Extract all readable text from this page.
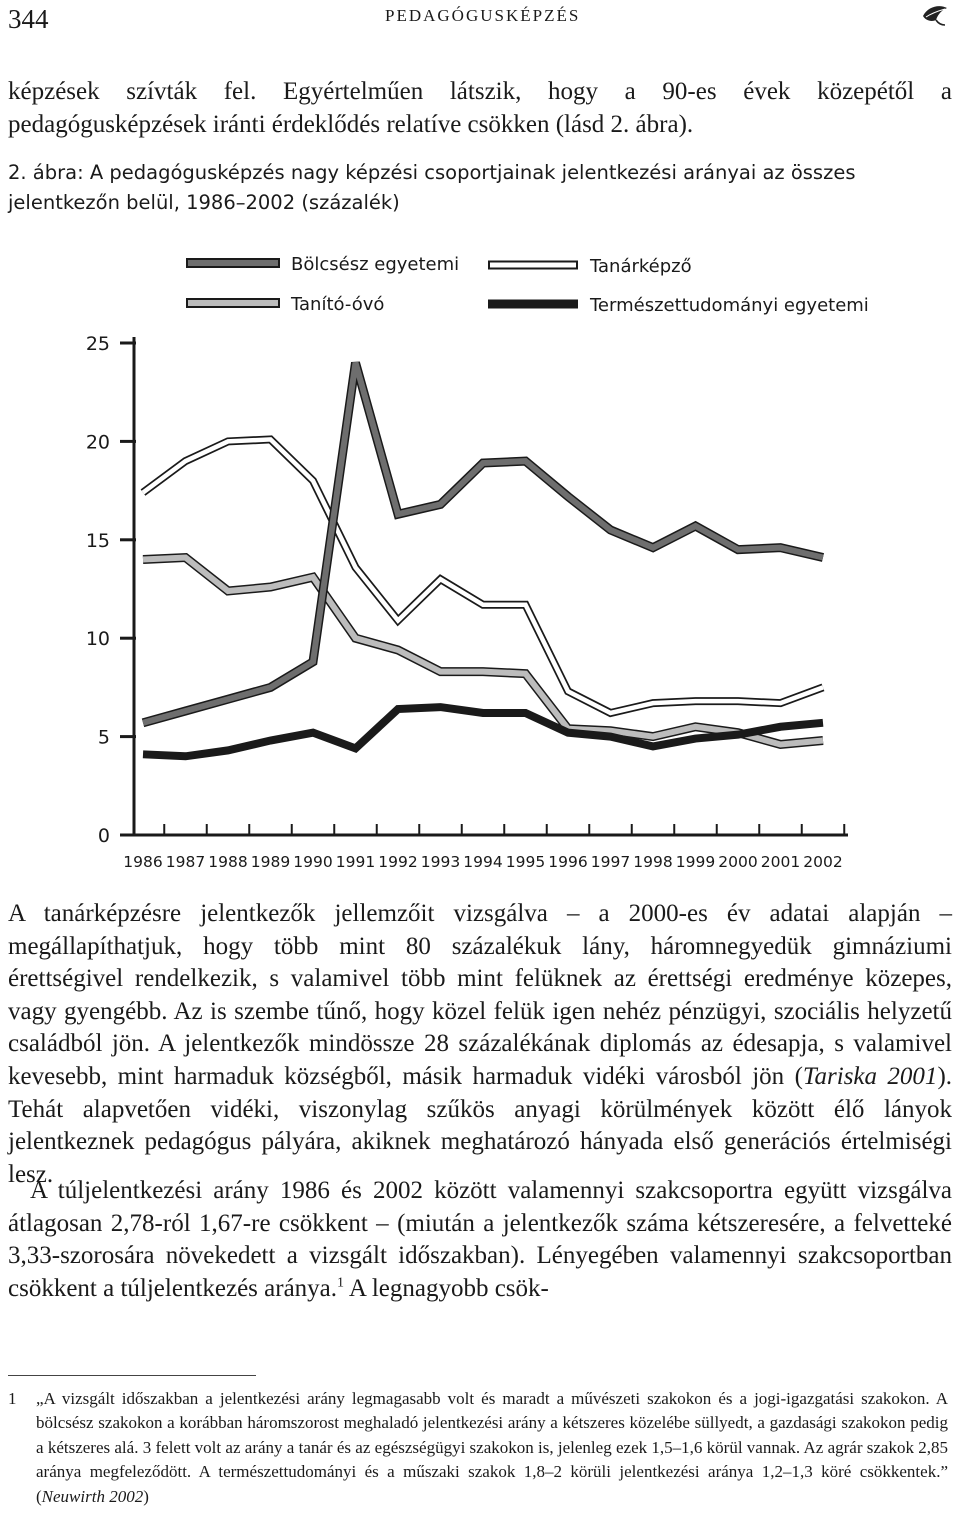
344	PEDAGÓGUSKÉPZÉS

képzések szívták fel. Egyértelműen látszik, hogy a 90-es évek közepétől a pedagógusképzések iránti érdeklődés relatíve csökken (lásd 2. ábra).

2. ábra: A pedagógusképzés nagy képzési csoportjainak jelentkezési arányai az összes jelentkezőn belül, 1986–2002 (százalék)

Bölcsész egyetemi	Tanárképző
Tanító-óvó	Természettudományi egyetemi
0
5
10
15
20
25
1986 1987 1988 1989 1990 1991 1992 1993 1994 1995 1996 1997 1998 1999 2000 2001 2002

A tanárképzésre jelentkezők jellemzőit vizsgálva – a 2000-es év adatai alapján – megállapíthatjuk, hogy több mint 80 százalékuk lány, háromnegyedük gimnáziumi érettségivel rendelkezik, s valamivel több mint felüknek az érettségi eredménye közepes, vagy gyengébb. Az is szembe tűnő, hogy közel felük igen nehéz pénzügyi, szociális helyzetű családból jön. A jelentkezők mindössze 28 százalékának diplomás az édesapja, s valamivel kevesebb, mint harmaduk községből, másik harmaduk vidéki városból jön (Tariska 2001). Tehát alapvetően vidéki, viszonylag szűkös anyagi körülmények között élő lányok jelentkeznek pedagógus pályára, akiknek meghatározó hányada első generációs értelmiségi lesz.

A túljelentkezési arány 1986 és 2002 között valamennyi szakcsoportra együtt vizsgálva átlagosan 2,78-ról 1,67-re csökkent – (miután a jelentkezők száma kétszeresére, a felvetteké 3,33-szorosára növekedett a vizsgált időszakban). Lényegében valamennyi szakcsoportban csökkent a túljelentkezés aránya.$^1$ A legnagyobb csök-

1 „A vizsgált időszakban a jelentkezési arány legmagasabb volt és maradt a művészeti szakokon és a jogi-igazgatási szakokon. A bölcsész szakokon a korábban háromszorost meghaladó jelentkezési arány a kétszeres közelébe süllyedt, a gazdasági szakokon pedig a kétszeres alá. 3 felett volt az arány a tanár és az egészségügyi szakokon is, jelenleg ezek 1,5–1,6 körül vannak. Az agrár szakok 2,85 aránya megfeleződött. A természettudományi és a műszaki szakok 1,8–2 körüli jelentkezési aránya 1,2–1,3 köré csökkentek.” (Neuwirth 2002)
